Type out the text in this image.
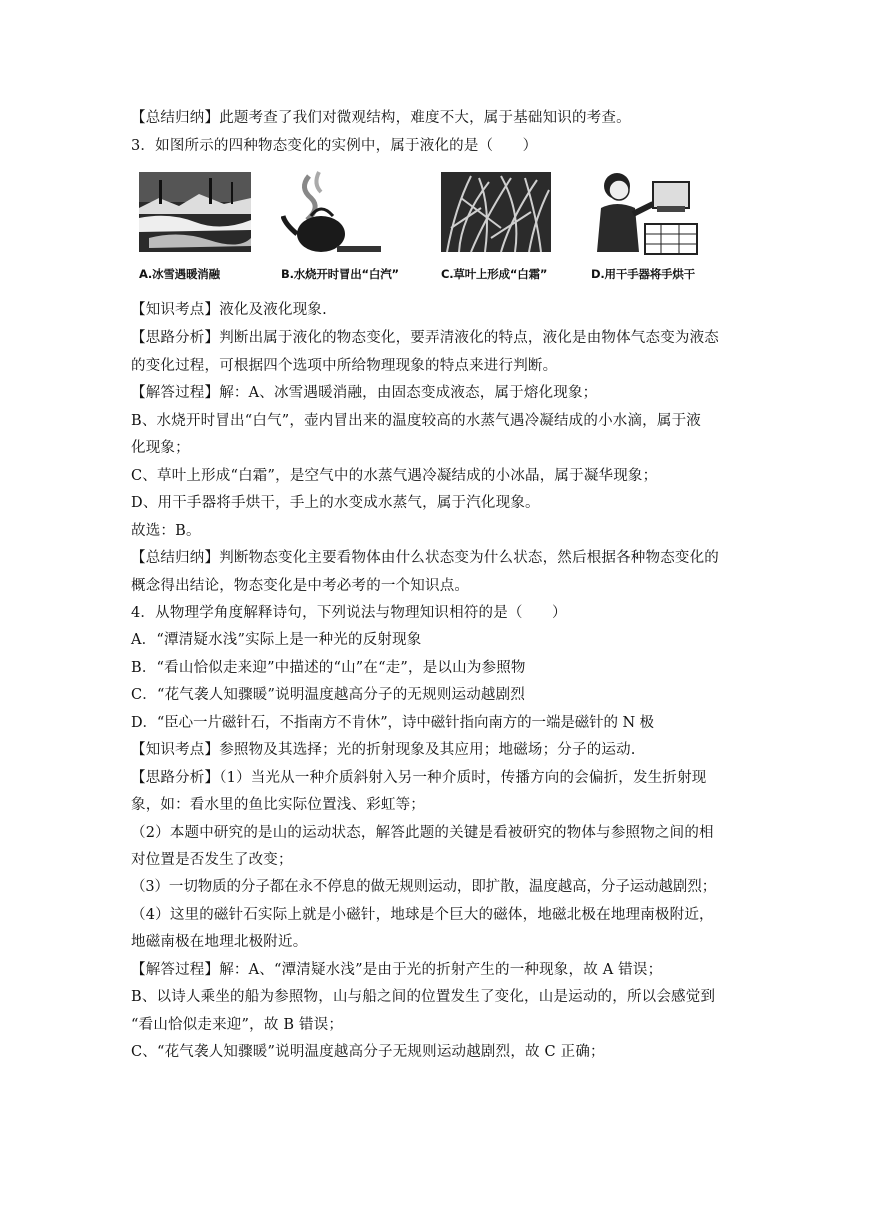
【总结归纳】此题考查了我们对微观结构，难度不大，属于基础知识的考查。
3．如图所示的四种物态变化的实例中，属于液化的是（　　）
A.冰雪遇暖消融	B.水烧开时冒出“白汽”	C.草叶上形成“白霜”	D.用干手器将手烘干
【知识考点】液化及液化现象.
【思路分析】判断出属于液化的物态变化，要弄清液化的特点，液化是由物体气态变为液态
的变化过程，可根据四个选项中所给物理现象的特点来进行判断。
【解答过程】解：A、冰雪遇暖消融，由固态变成液态，属于熔化现象；
B、水烧开时冒出“白气”，壶内冒出来的温度较高的水蒸气遇冷凝结成的小水滴，属于液
化现象；
C、草叶上形成“白霜”，是空气中的水蒸气遇冷凝结成的小冰晶，属于凝华现象；
D、用干手器将手烘干，手上的水变成水蒸气，属于汽化现象。
故选：B。
【总结归纳】判断物态变化主要看物体由什么状态变为什么状态，然后根据各种物态变化的
概念得出结论，物态变化是中考必考的一个知识点。
4．从物理学角度解释诗句，下列说法与物理知识相符的是（　　）
A．“潭清疑水浅”实际上是一种光的反射现象
B．“看山恰似走来迎”中描述的“山”在“走”，是以山为参照物
C．“花气袭人知骤暖”说明温度越高分子的无规则运动越剧烈
D．“臣心一片磁针石，不指南方不肯休”，诗中磁针指向南方的一端是磁针的 N 极
【知识考点】参照物及其选择；光的折射现象及其应用；地磁场；分子的运动.
【思路分析】（1）当光从一种介质斜射入另一种介质时，传播方向的会偏折，发生折射现
象，如：看水里的鱼比实际位置浅、彩虹等；
（2）本题中研究的是山的运动状态，解答此题的关键是看被研究的物体与参照物之间的相
对位置是否发生了改变；
（3）一切物质的分子都在永不停息的做无规则运动，即扩散，温度越高，分子运动越剧烈；
（4）这里的磁针石实际上就是小磁针，地球是个巨大的磁体，地磁北极在地理南极附近，
地磁南极在地理北极附近。
【解答过程】解：A、“潭清疑水浅”是由于光的折射产生的一种现象，故 A 错误；
B、以诗人乘坐的船为参照物，山与船之间的位置发生了变化，山是运动的，所以会感觉到
“看山恰似走来迎”，故 B 错误；
C、“花气袭人知骤暖”说明温度越高分子无规则运动越剧烈，故 C 正确；
